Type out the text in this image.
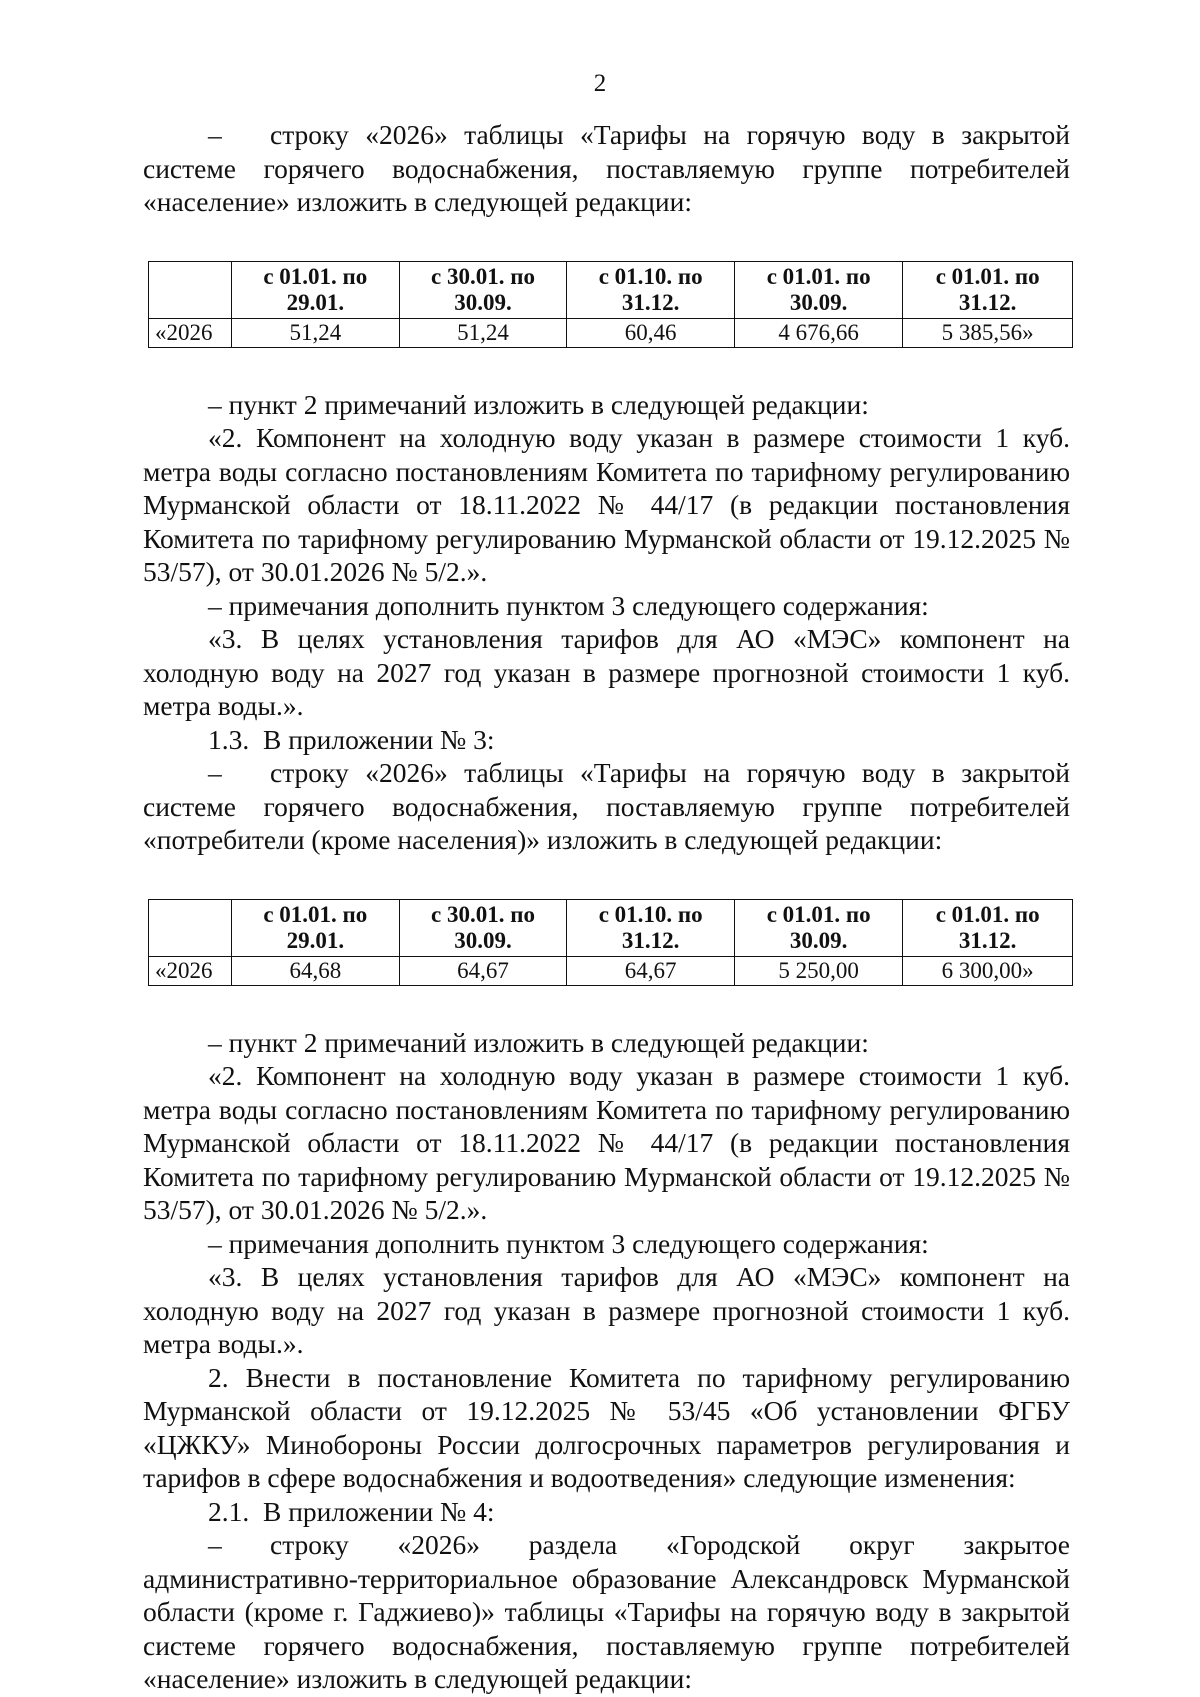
2

– строку «2026» таблицы «Тарифы на горячую воду в закрытой системе горячего водоснабжения, поставляемую группе потребителей «население» изложить в следующей редакции:

	с 01.01. по 29.01.	с 30.01. по 30.09.	с 01.10. по 31.12.	с 01.01. по 30.09.	с 01.01. по 31.12.
«2026	51,24	51,24	60,46	4 676,66	5 385,56»

– пункт 2 примечаний изложить в следующей редакции:

«2. Компонент на холодную воду указан в размере стоимости 1 куб. метра воды согласно постановлениям Комитета по тарифному регулированию Мурманской области от 18.11.2022 № 44/17 (в редакции постановления Комитета по тарифному регулированию Мурманской области от 19.12.2025 № 53/57), от 30.01.2026 № 5/2.».

– примечания дополнить пунктом 3 следующего содержания:

«3. В целях установления тарифов для АО «МЭС» компонент на холодную воду на 2027 год указан в размере прогнозной стоимости 1 куб. метра воды.».

1.3.  В приложении № 3:

– строку «2026» таблицы «Тарифы на горячую воду в закрытой системе горячего водоснабжения, поставляемую группе потребителей «потребители (кроме населения)» изложить в следующей редакции:

	с 01.01. по 29.01.	с 30.01. по 30.09.	с 01.10. по 31.12.	с 01.01. по 30.09.	с 01.01. по 31.12.
«2026	64,68	64,67	64,67	5 250,00	6 300,00»

– пункт 2 примечаний изложить в следующей редакции:

«2. Компонент на холодную воду указан в размере стоимости 1 куб. метра воды согласно постановлениям Комитета по тарифному регулированию Мурманской области от 18.11.2022 № 44/17 (в редакции постановления Комитета по тарифному регулированию Мурманской области от 19.12.2025 № 53/57), от 30.01.2026 № 5/2.».

– примечания дополнить пунктом 3 следующего содержания:

«3. В целях установления тарифов для АО «МЭС» компонент на холодную воду на 2027 год указан в размере прогнозной стоимости 1 куб. метра воды.».

2. Внести в постановление Комитета по тарифному регулированию Мурманской области от 19.12.2025 № 53/45 «Об установлении ФГБУ «ЦЖКУ» Минобороны России долгосрочных параметров регулирования и тарифов в сфере водоснабжения и водоотведения» следующие изменения:

2.1.  В приложении № 4:

– строку «2026» раздела «Городской округ закрытое административно-территориальное образование Александровск Мурманской области (кроме г. Гаджиево)» таблицы «Тарифы на горячую воду в закрытой системе горячего водоснабжения, поставляемую группе потребителей «население» изложить в следующей редакции:
